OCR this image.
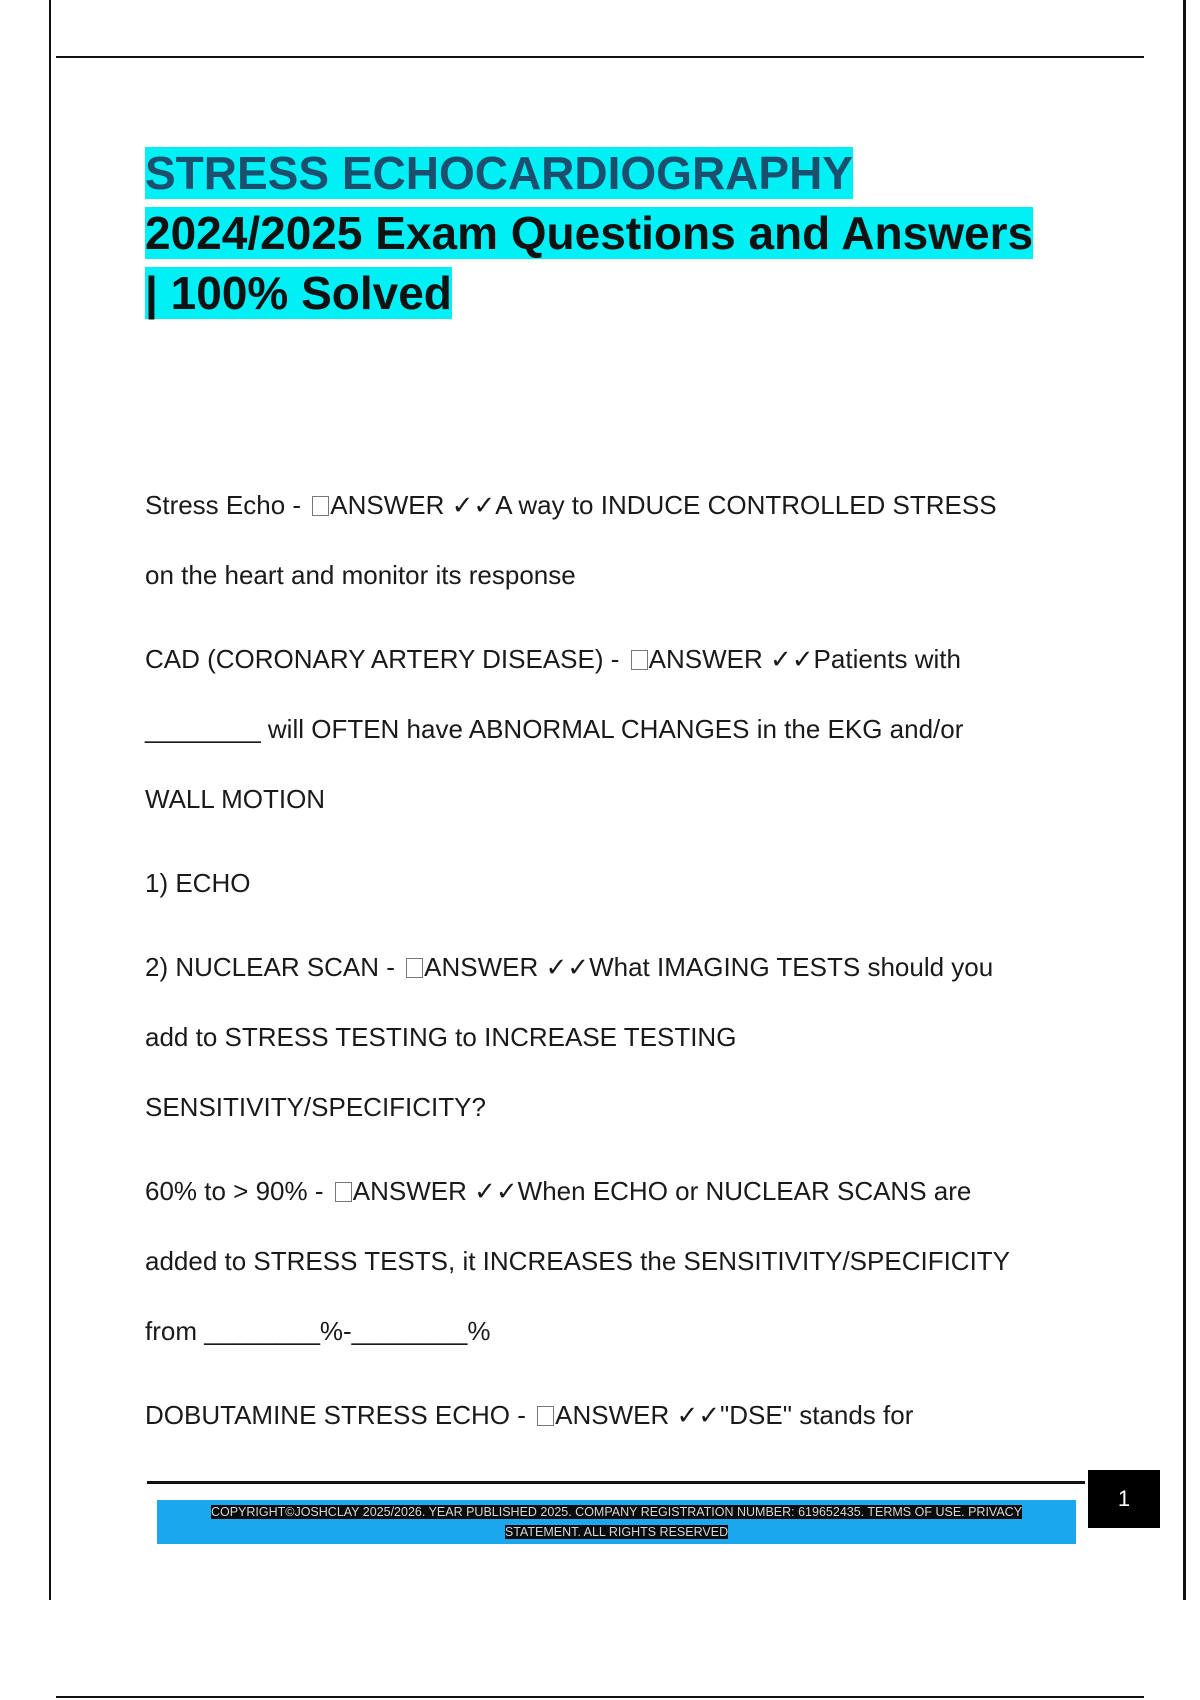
STRESS ECHOCARDIOGRAPHY
2024/2025 Exam Questions and Answers
| 100% Solved

Stress Echo - ANSWER ✓✓A way to INDUCE CONTROLLED STRESS
on the heart and monitor its response

CAD (CORONARY ARTERY DISEASE) - ANSWER ✓✓Patients with
________ will OFTEN have ABNORMAL CHANGES in the EKG and/or
WALL MOTION

1) ECHO

2) NUCLEAR SCAN - ANSWER ✓✓What IMAGING TESTS should you
add to STRESS TESTING to INCREASE TESTING
SENSITIVITY/SPECIFICITY?

60% to > 90% - ANSWER ✓✓When ECHO or NUCLEAR SCANS are
added to STRESS TESTS, it INCREASES the SENSITIVITY/SPECIFICITY
from ________%-________%

DOBUTAMINE STRESS ECHO - ANSWER ✓✓"DSE" stands for

1
COPYRIGHT©JOSHCLAY 2025/2026. YEAR PUBLISHED 2025. COMPANY REGISTRATION NUMBER: 619652435. TERMS OF USE. PRIVACY
STATEMENT. ALL RIGHTS RESERVED
